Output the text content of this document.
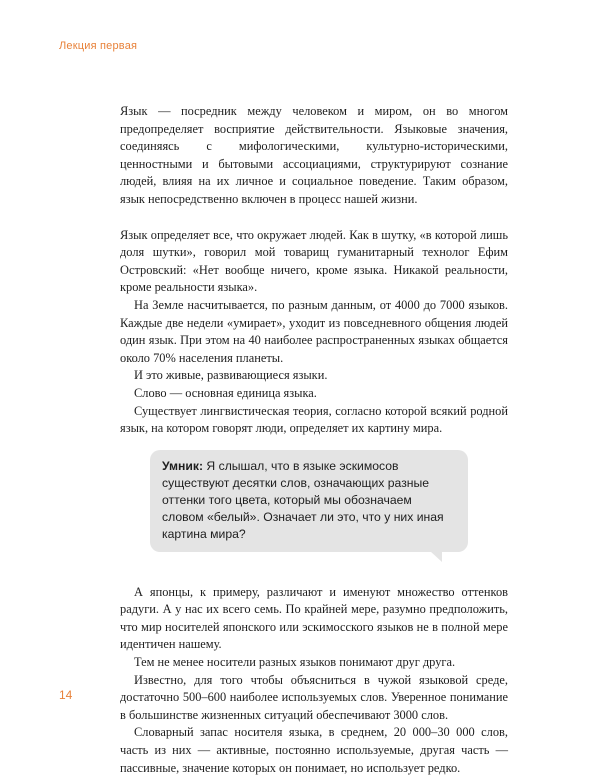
Лекция первая

Язык — посредник между человеком и миром, он во многом предопределяет восприятие действительности. Языковые значения, соединяясь с мифологическими, культурно-историческими, ценностными и бытовыми ассоциациями, структурируют сознание людей, влияя на их личное и социальное поведение. Таким образом, язык непосредственно включен в процесс нашей жизни.

Язык определяет все, что окружает людей. Как в шутку, «в которой лишь доля шутки», говорил мой товарищ гуманитарный технолог Ефим Островский: «Нет вообще ничего, кроме языка. Никакой реальности, кроме реальности языка».

На Земле насчитывается, по разным данным, от 4000 до 7000 языков. Каждые две недели «умирает», уходит из повседневного общения людей один язык. При этом на 40 наиболее распространенных языках общается около 70% населения планеты.

И это живые, развивающиеся языки.

Слово — основная единица языка.

Существует лингвистическая теория, согласно которой всякий родной язык, на котором говорят люди, определяет их картину мира.

Умник: Я слышал, что в языке эскимосов существуют десятки слов, означающих разные оттенки того цвета, который мы обозначаем словом «белый». Означает ли это, что у них иная картина мира?

А японцы, к примеру, различают и именуют множество оттенков радуги. А у нас их всего семь. По крайней мере, разумно предположить, что мир носителей японского или эскимосского языков не в полной мере идентичен нашему.

Тем не менее носители разных языков понимают друг друга.

Известно, для того чтобы объясниться в чужой языковой среде, достаточно 500–600 наиболее используемых слов. Уверенное понимание в большинстве жизненных ситуаций обеспечивают 3000 слов.

Словарный запас носителя языка, в среднем, 20 000–30 000 слов, часть из них — активные, постоянно используемые, другая часть — пассивные, значение которых он понимает, но использует редко.

14
